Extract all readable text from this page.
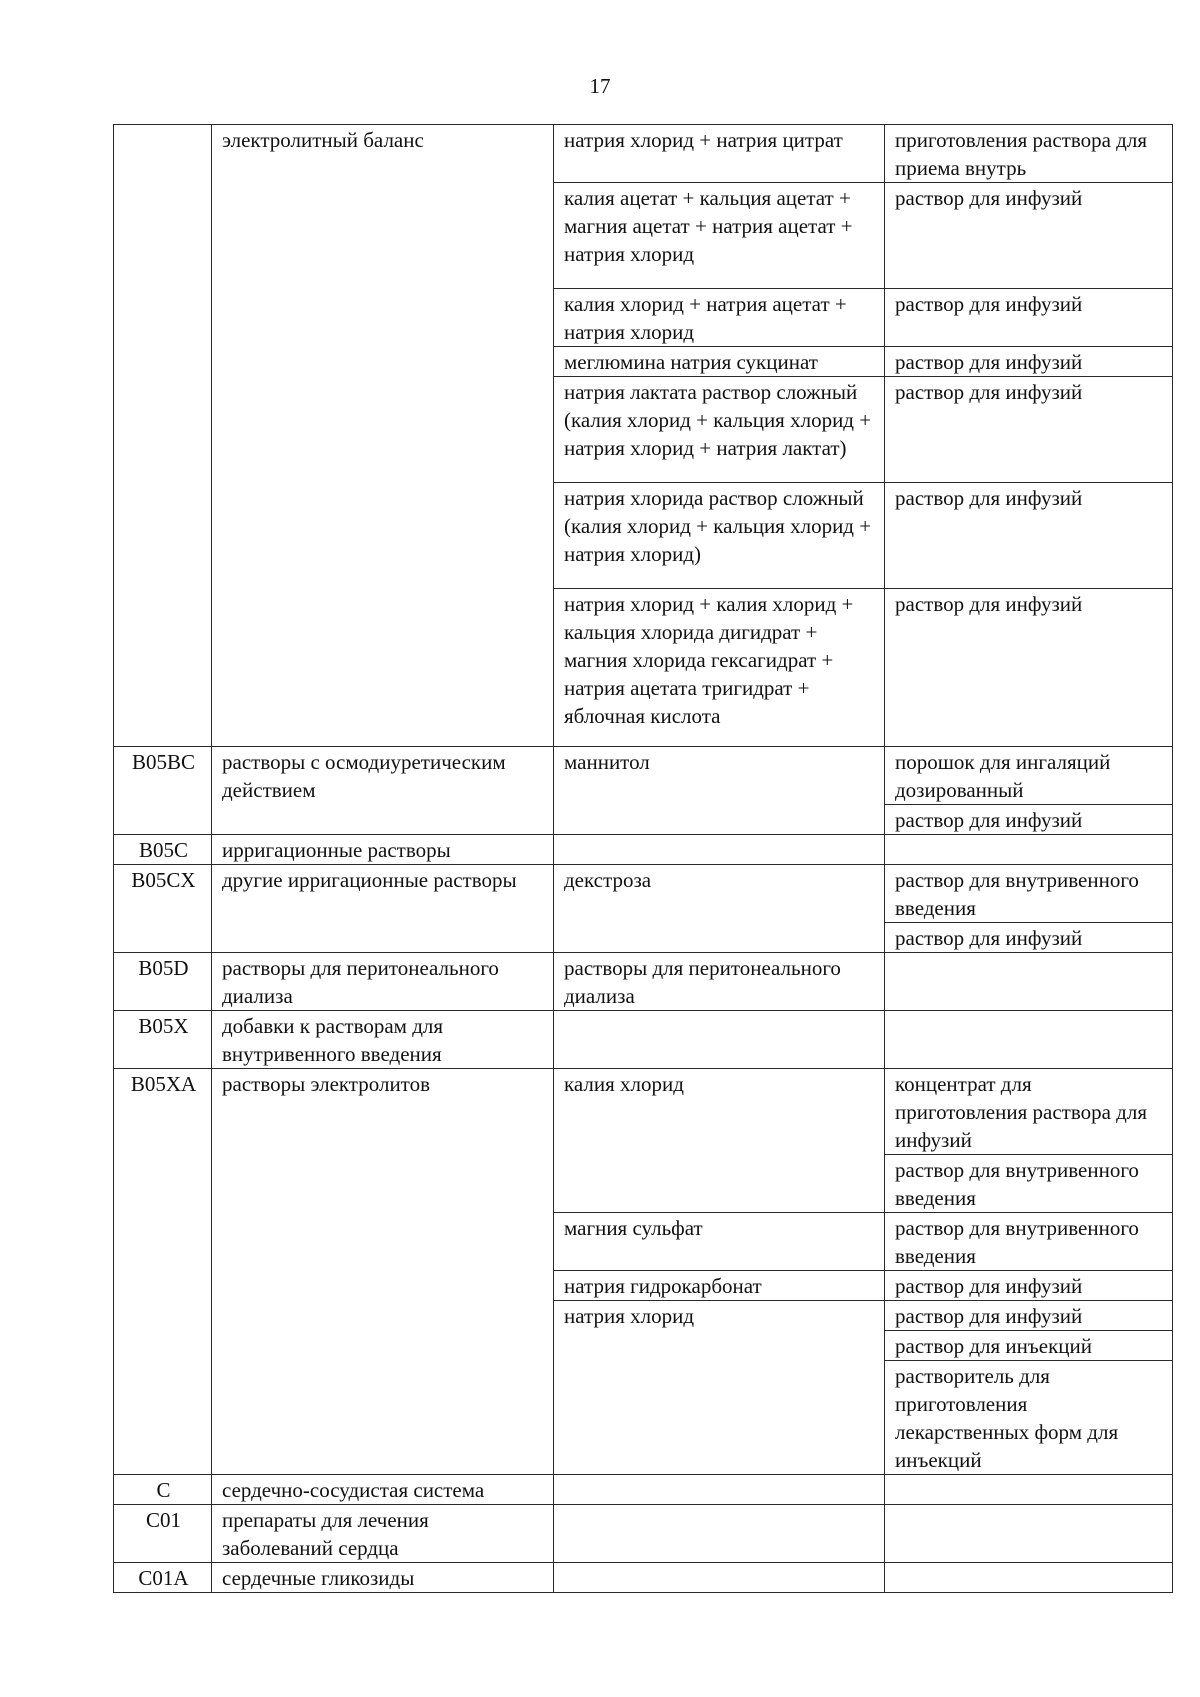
17
	электролитный баланс	натрия хлорид + натрия цитрат	приготовления раствора для приема внутрь
		калия ацетат + кальция ацетат + магния ацетат + натрия ацетат + натрия хлорид	раствор для инфузий
		калия хлорид + натрия ацетат + натрия хлорид	раствор для инфузий
		меглюмина натрия сукцинат	раствор для инфузий
		натрия лактата раствор сложный (калия хлорид + кальция хлорид + натрия хлорид + натрия лактат)	раствор для инфузий
		натрия хлорида раствор сложный (калия хлорид + кальция хлорид + натрия хлорид)	раствор для инфузий
		натрия хлорид + калия хлорид + кальция хлорида дигидрат + магния хлорида гексагидрат + натрия ацетата тригидрат + яблочная кислота	раствор для инфузий
B05BC	растворы с осмодиуретическим действием	маннитол	порошок для ингаляций дозированный
			раствор для инфузий
B05C	ирригационные растворы		
B05CX	другие ирригационные растворы	декстроза	раствор для внутривенного введения
			раствор для инфузий
B05D	растворы для перитонеального диализа	растворы для перитонеального диализа	
B05X	добавки к растворам для внутривенного введения		
B05XA	растворы электролитов	калия хлорид	концентрат для приготовления раствора для инфузий
			раствор для внутривенного введения
		магния сульфат	раствор для внутривенного введения
		натрия гидрокарбонат	раствор для инфузий
		натрия хлорид	раствор для инфузий
			раствор для инъекций
			растворитель для приготовления лекарственных форм для инъекций
C	сердечно-сосудистая система		
C01	препараты для лечения заболеваний сердца		
C01A	сердечные гликозиды		
